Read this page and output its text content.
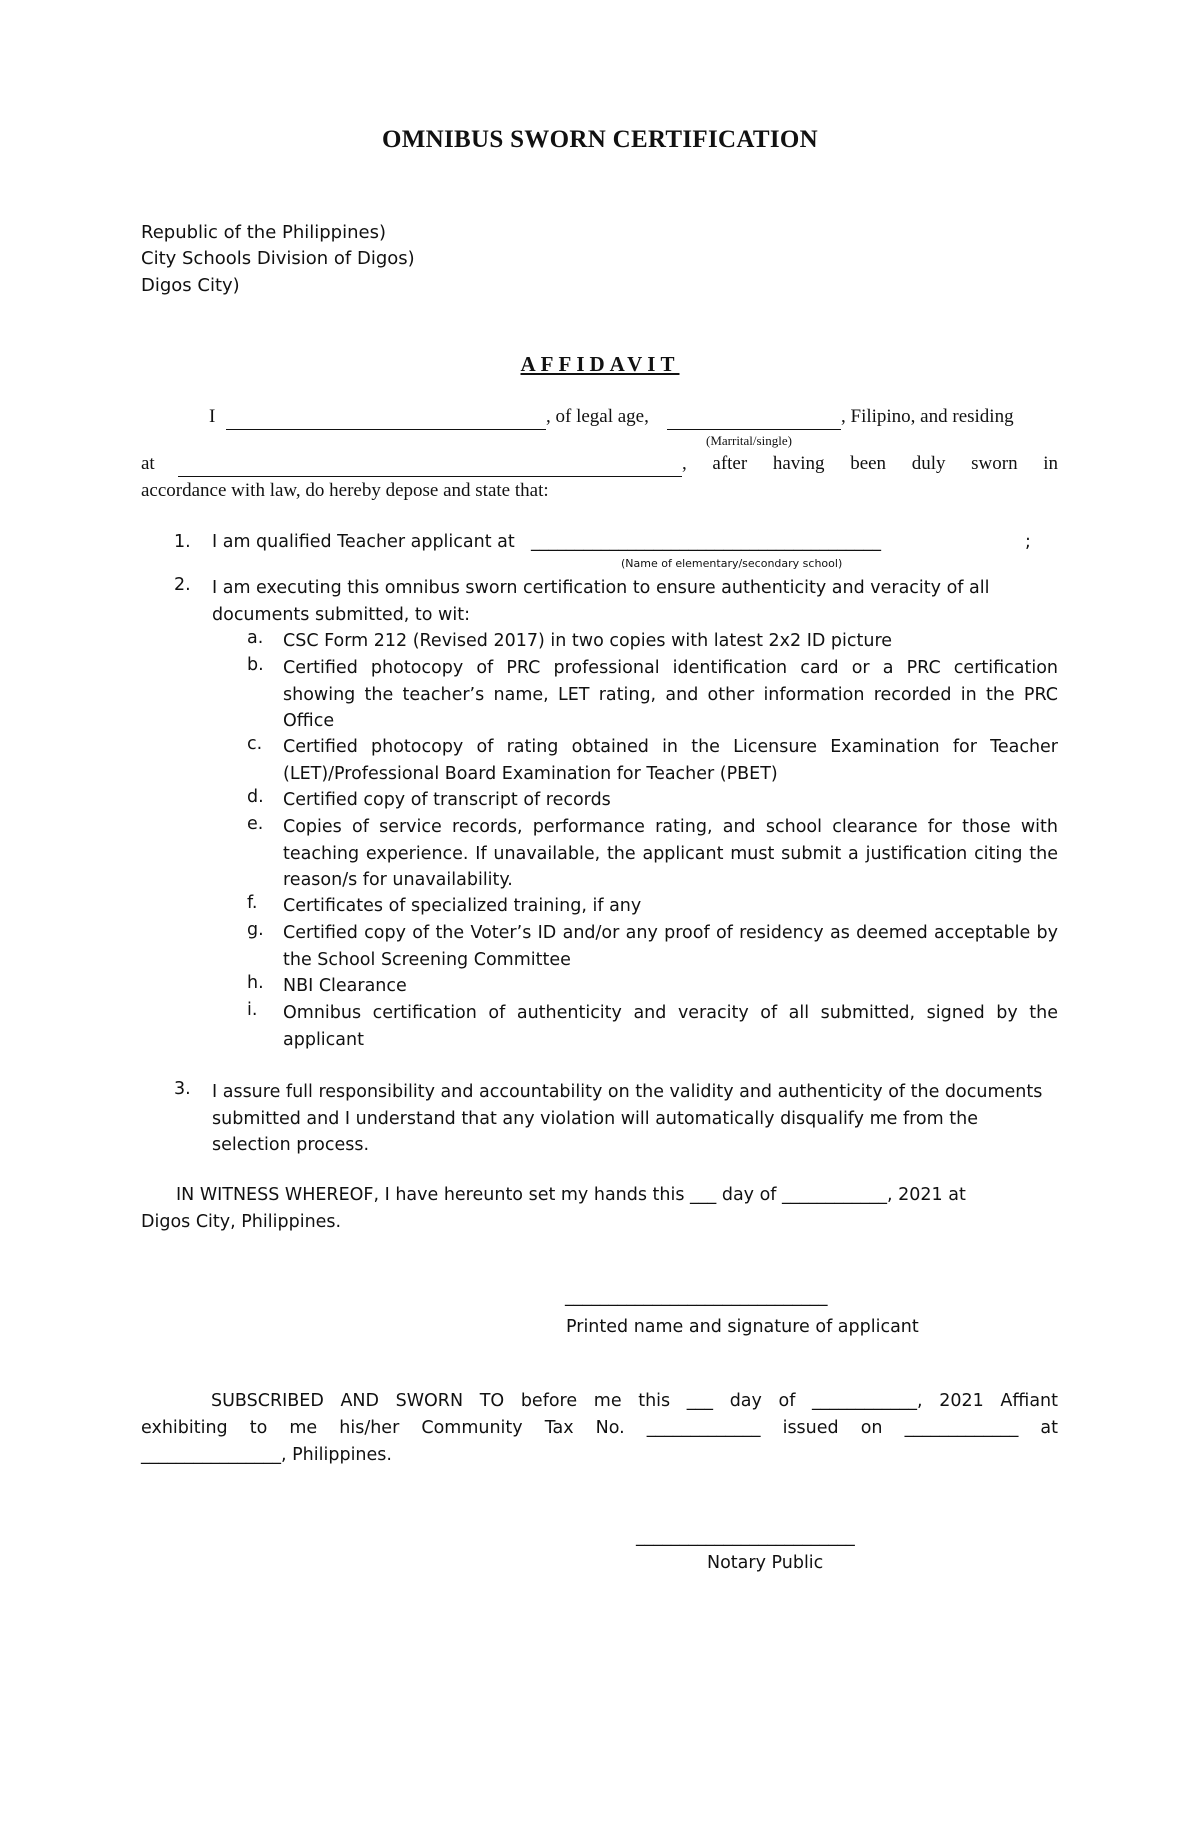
OMNIBUS SWORN CERTIFICATION
Republic of the Philippines)
City Schools Division of Digos)
Digos City)
AFFIDAVIT
I	, of legal age,	, Filipino, and residing
(Marrital/single)
at	, after having been duly sworn in
accordance with law, do hereby depose and state that:
1. I am qualified Teacher applicant at ________________________________________	;
(Name of elementary/secondary school)
2. I am executing this omnibus sworn certification to ensure authenticity and veracity of all documents submitted, to wit:
a. CSC Form 212 (Revised 2017) in two copies with latest 2x2 ID picture
b. Certified photocopy of PRC professional identification card or a PRC certification showing the teacher’s name, LET rating, and other information recorded in the PRC Office
c. Certified photocopy of rating obtained in the Licensure Examination for Teacher (LET)/Professional Board Examination for Teacher (PBET)
d. Certified copy of transcript of records
e. Copies of service records, performance rating, and school clearance for those with teaching experience. If unavailable, the applicant must submit a justification citing the reason/s for unavailability.
f. Certificates of specialized training, if any
g. Certified copy of the Voter’s ID and/or any proof of residency as deemed acceptable by the School Screening Committee
h. NBI Clearance
i. Omnibus certification of authenticity and veracity of all submitted, signed by the applicant
3. I assure full responsibility and accountability on the validity and authenticity of the documents submitted and I understand that any violation will automatically disqualify me from the selection process.
IN WITNESS WHEREOF, I have hereunto set my hands this ___ day of ____________, 2021 at
Digos City, Philippines.
______________________________
Printed name and signature of applicant
SUBSCRIBED AND SWORN TO before me this ___ day of ____________, 2021 Affiant
exhibiting to me his/her Community Tax No. _____________ issued on _____________ at
________________, Philippines.
_________________________
Notary Public
